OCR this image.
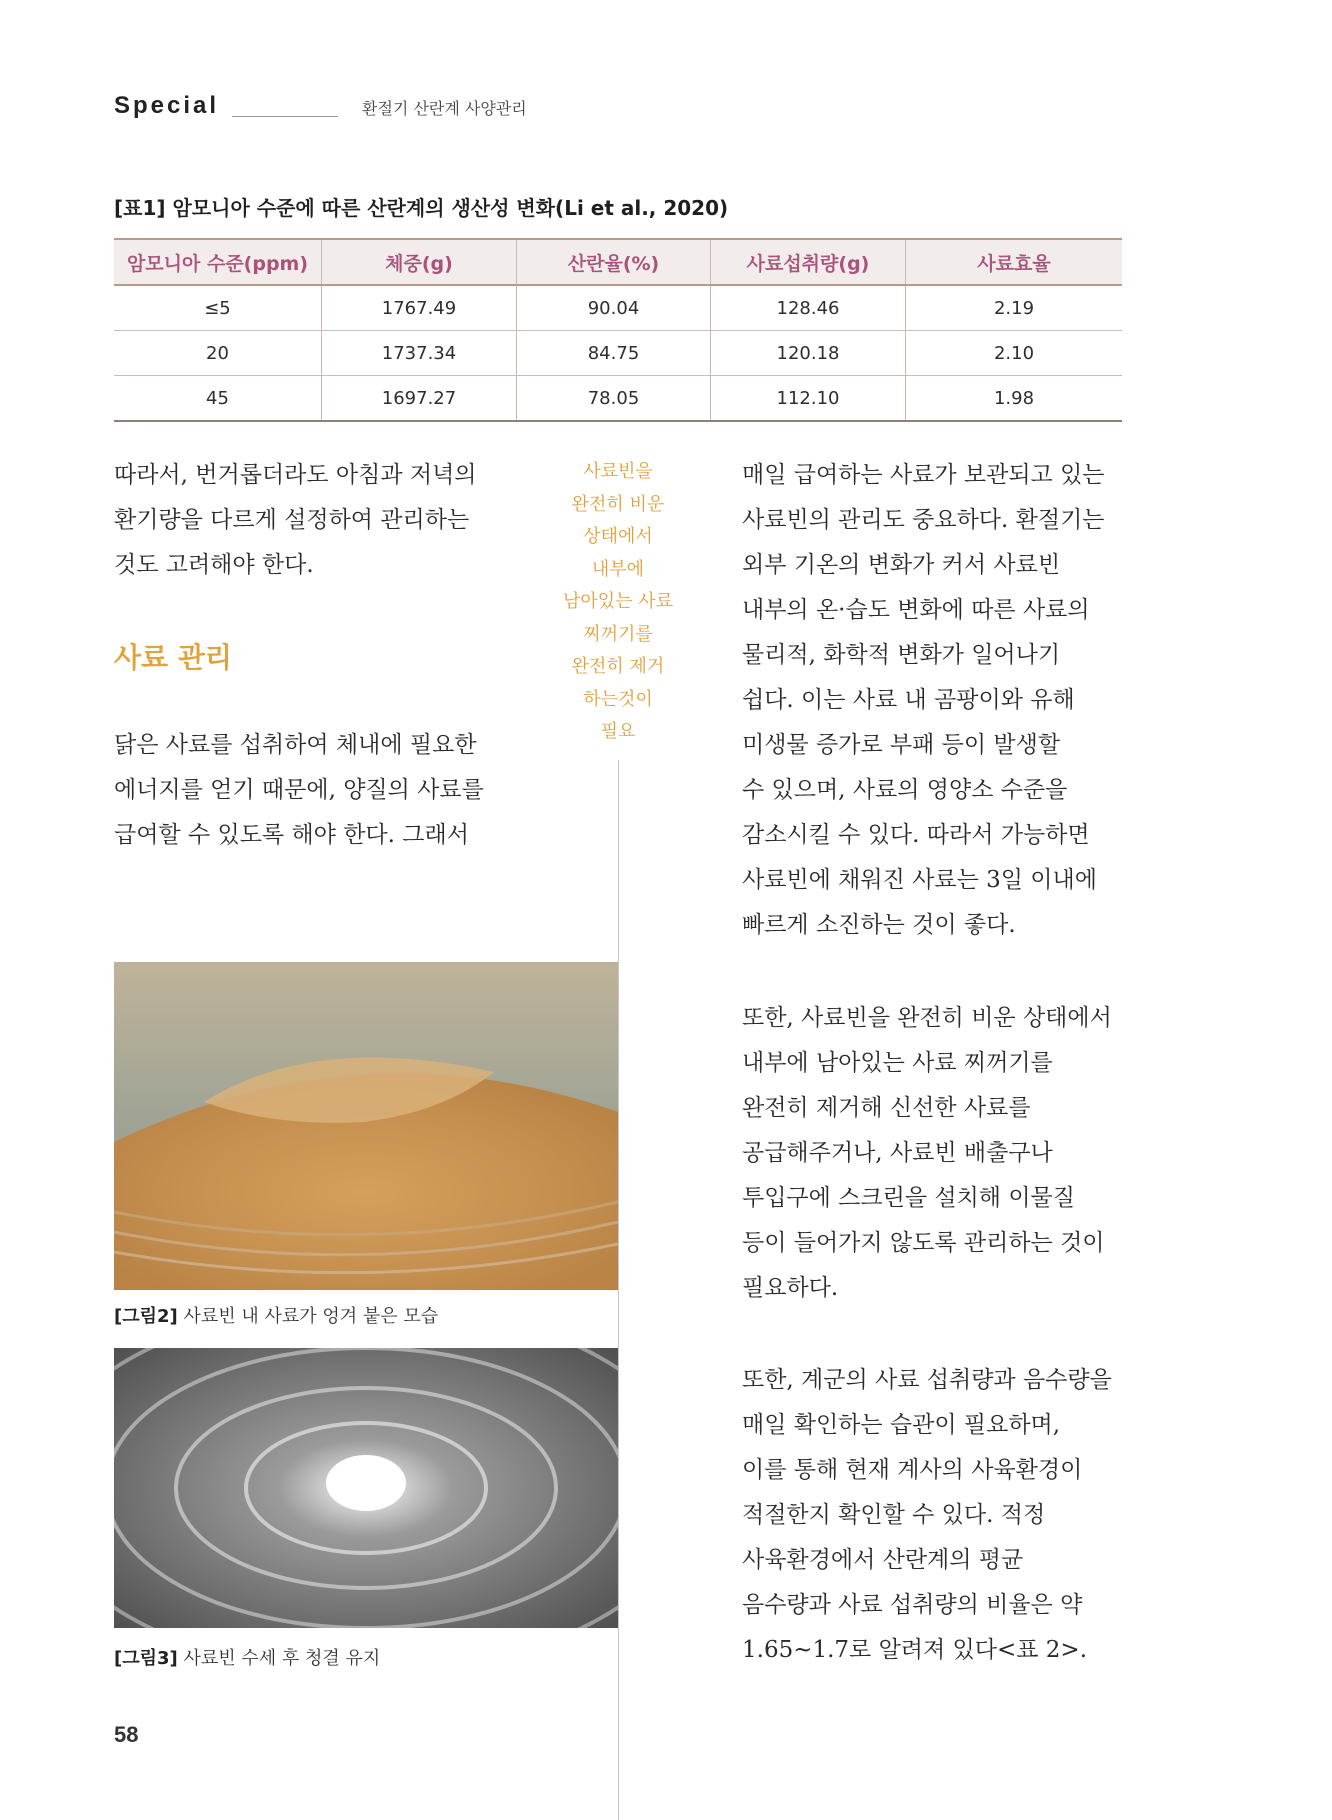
Special	환절기 산란계 사양관리
[표1] 암모니아 수준에 따른 산란계의 생산성 변화(Li et al., 2020)
암모니아 수준(ppm)	체중(g)	산란율(%)	사료섭취량(g)	사료효율
≤5	1767.49	90.04	128.46	2.19
20	1737.34	84.75	120.18	2.10
45	1697.27	78.05	112.10	1.98

따라서, 번거롭더라도 아침과 저녁의

환기량을 다르게 설정하여 관리하는

것도 고려해야 한다.

사료 관리

닭은 사료를 섭취하여 체내에 필요한

에너지를 얻기 때문에, 양질의 사료를

급여할 수 있도록 해야 한다. 그래서

사료빈을
완전히 비운
상태에서
내부에
남아있는 사료
찌꺼기를
완전히 제거
하는것이
필요

매일 급여하는 사료가 보관되고 있는

사료빈의 관리도 중요하다. 환절기는

외부 기온의 변화가 커서 사료빈

내부의 온·습도 변화에 따른 사료의

물리적, 화학적 변화가 일어나기

쉽다. 이는 사료 내 곰팡이와 유해

미생물 증가로 부패 등이 발생할

수 있으며, 사료의 영양소 수준을

감소시킬 수 있다. 따라서 가능하면

사료빈에 채워진 사료는 3일 이내에

빠르게 소진하는 것이 좋다.

또한, 사료빈을 완전히 비운 상태에서

내부에 남아있는 사료 찌꺼기를

완전히 제거해 신선한 사료를

공급해주거나, 사료빈 배출구나

투입구에 스크린을 설치해 이물질

등이 들어가지 않도록 관리하는 것이

필요하다.

또한, 계군의 사료 섭취량과 음수량을

매일 확인하는 습관이 필요하며,

이를 통해 현재 계사의 사육환경이

적절한지 확인할 수 있다. 적정

사육환경에서 산란계의 평균

음수량과 사료 섭취량의 비율은 약

1.65~1.7로 알려져 있다<표 2>.

[그림2] 사료빈 내 사료가 엉겨 붙은 모습
[그림3] 사료빈 수세 후 청결 유지
58
